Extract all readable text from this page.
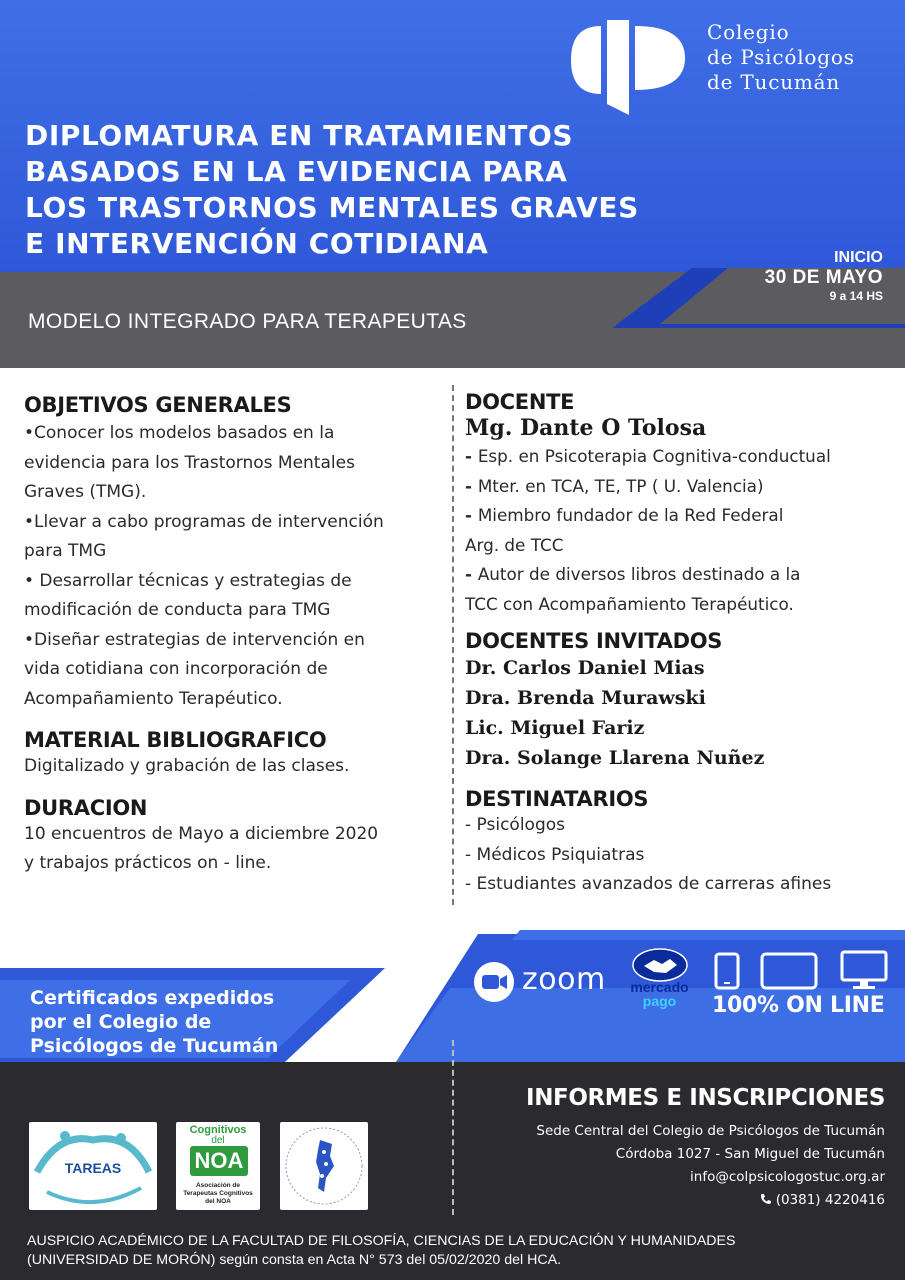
Colegio
de Psicólogos
de Tucumán
DIPLOMATURA EN TRATAMIENTOS
BASADOS EN LA EVIDENCIA PARA
LOS TRASTORNOS MENTALES GRAVES
E INTERVENCIÓN COTIDIANA	INICIO
30 DE MAYO
9 a 14 HS
MODELO INTEGRADO PARA TERAPEUTAS
OBJETIVOS GENERALES
•Conocer los modelos basados en la
evidencia para los Trastornos Mentales
Graves (TMG).
•Llevar a cabo programas de intervención
para TMG
• Desarrollar técnicas y estrategias de
modificación de conducta para TMG
•Diseñar estrategias de intervención en
vida cotidiana con incorporación de
Acompañamiento Terapéutico.
MATERIAL BIBLIOGRAFICO
Digitalizado y grabación de las clases.
DURACION
10 encuentros de Mayo a diciembre 2020
y trabajos prácticos on - line.
DOCENTE
Mg. Dante O Tolosa
- Esp. en Psicoterapia Cognitiva-conductual
- Mter. en TCA, TE, TP ( U. Valencia)
- Miembro fundador de la Red Federal
Arg. de TCC
- Autor de diversos libros destinado a la
TCC con Acompañamiento Terapéutico.
DOCENTES INVITADOS
Dr. Carlos Daniel Mias
Dra. Brenda Murawski
Lic. Miguel Fariz
Dra. Solange Llarena Nuñez
DESTINATARIOS
- Psicólogos
- Médicos Psiquiatras
- Estudiantes avanzados de carreras afines
zoom	mercado
pago	100% ON LINE
Certificados expedidos
por el Colegio de
Psicólogos de Tucumán
TAREAS
Cognitivos
del
NOA
Asociación de Terapeutas Cognitivos del NOA
INFORMES E INSCRIPCIONES
Sede Central del Colegio de Psicólogos de Tucumán
Córdoba 1027 - San Miguel de Tucumán
info@colpsicologostuc.org.ar
(0381) 4220416
AUSPICIO ACADÉMICO DE LA FACULTAD DE FILOSOFÍA, CIENCIAS DE LA EDUCACIÓN Y HUMANIDADES
(UNIVERSIDAD DE MORÓN) según consta en Acta N° 573 del 05/02/2020 del HCA.
